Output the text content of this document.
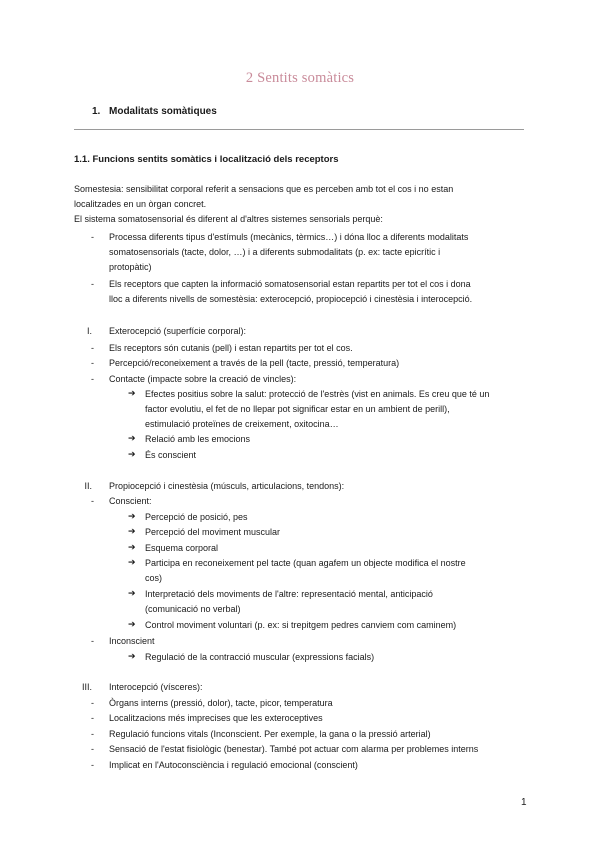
2 Sentits somàtics
1. Modalitats somàtiques
1.1. Funcions sentits somàtics i localització dels receptors
Somestesia: sensibilitat corporal referit a sensacions que es perceben amb tot el cos i no estan
localitzades en un òrgan concret.
El sistema somatosensorial és diferent al d'altres sistemes sensorials perquè:
- Processa diferents tipus d'estímuls (mecànics, tèrmics…) i dóna lloc a diferents modalitats
somatosensorials (tacte, dolor, …) i a diferents submodalitats (p. ex: tacte epicrític i
protopàtic)
- Els receptors que capten la informació somatosensorial estan repartits per tot el cos i dona
lloc a diferents nivells de somestèsia: exterocepció, propiocepció i cinestèsia i interocepció.
I. Exterocepció (superfície corporal):
- Els receptors són cutanis (pell) i estan repartits per tot el cos.
- Percepció/reconeixement a través de la pell (tacte, pressió, temperatura)
- Contacte (impacte sobre la creació de vincles):
➔ Efectes positius sobre la salut: protecció de l'estrès (vist en animals. Es creu que té un
factor evolutiu, el fet de no llepar pot significar estar en un ambient de perill),
estimulació proteïnes de creixement, oxitocina…
➔ Relació amb les emocions
➔ És conscient
II. Propiocepció i cinestèsia (músculs, articulacions, tendons):
- Conscient:
➔ Percepció de posició, pes
➔ Percepció del moviment muscular
➔ Esquema corporal
➔ Participa en reconeixement pel tacte (quan agafem un objecte modifica el nostre
cos)
➔ Interpretació dels moviments de l'altre: representació mental, anticipació
(comunicació no verbal)
➔ Control moviment voluntari (p. ex: si trepitgem pedres canviem com caminem)
- Inconscient
➔ Regulació de la contracció muscular (expressions facials)
III. Interocepció (vísceres):
- Òrgans interns (pressió, dolor), tacte, picor, temperatura
- Localitzacions més imprecises que les exteroceptives
- Regulació funcions vitals (Inconscient. Per exemple, la gana o la pressió arterial)
- Sensació de l'estat fisiològic (benestar). També pot actuar com alarma per problemes interns
- Implicat en l'Autoconsciència i regulació emocional (conscient)
1
